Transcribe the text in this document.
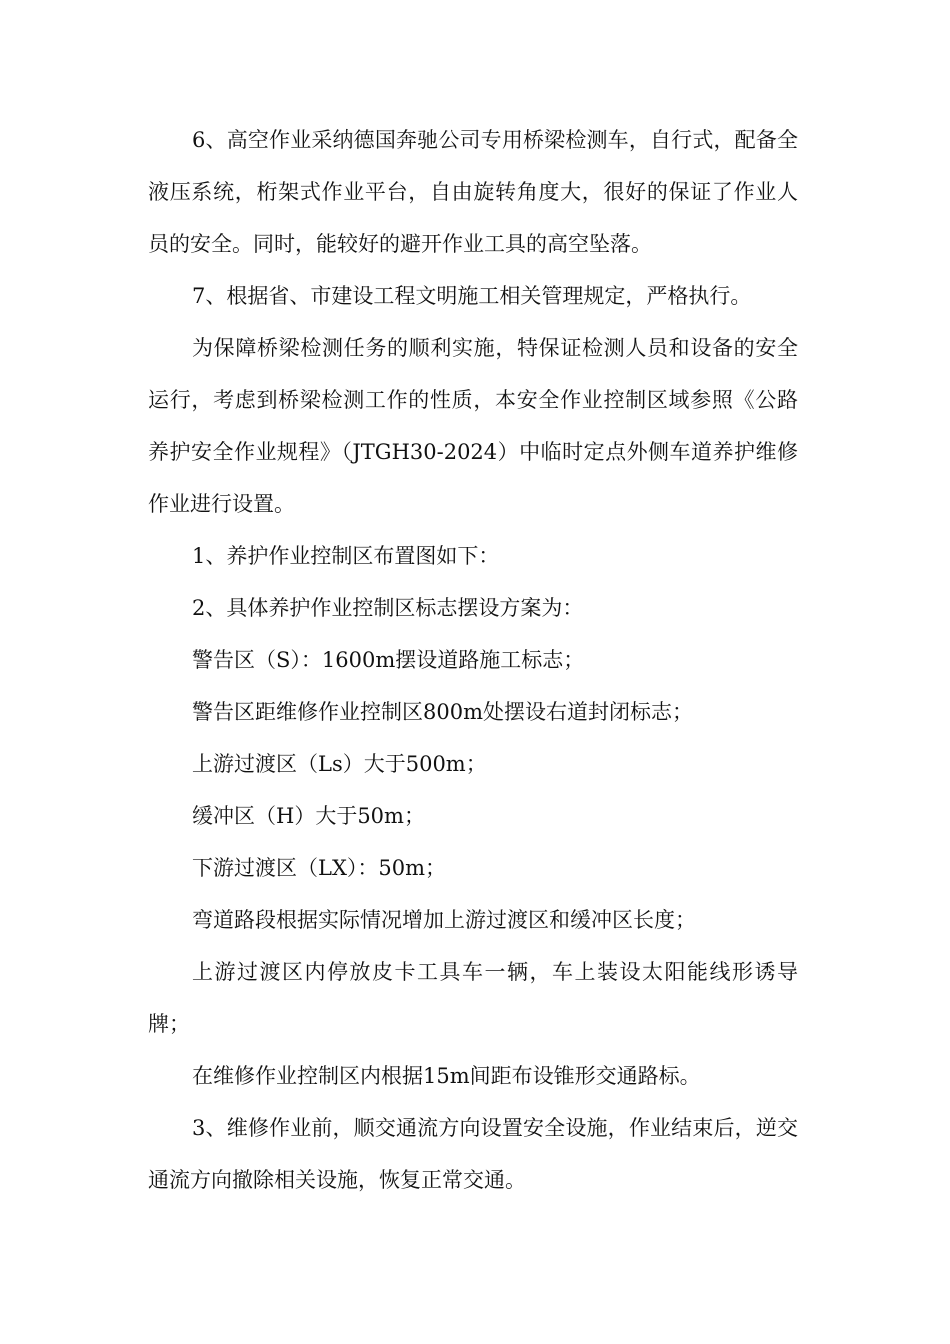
6、高空作业采纳德国奔驰公司专用桥梁检测车，自行式，配备全液压系统，桁架式作业平台，自由旋转角度大，很好的保证了作业人员的安全。同时，能较好的避开作业工具的高空坠落。

7、根据省、市建设工程文明施工相关管理规定，严格执行。

为保障桥梁检测任务的顺利实施，特保证检测人员和设备的安全运行，考虑到桥梁检测工作的性质，本安全作业控制区域参照《公路养护安全作业规程》（JTGH30-2024）中临时定点外侧车道养护维修作业进行设置。

1、养护作业控制区布置图如下：

2、具体养护作业控制区标志摆设方案为：

警告区（S）：1600m摆设道路施工标志；

警告区距维修作业控制区800m处摆设右道封闭标志；

上游过渡区（Ls）大于500m；

缓冲区（H）大于50m；

下游过渡区（LX）：50m；

弯道路段根据实际情况增加上游过渡区和缓冲区长度；

上游过渡区内停放皮卡工具车一辆，车上装设太阳能线形诱导牌；

在维修作业控制区内根据15m间距布设锥形交通路标。

3、维修作业前，顺交通流方向设置安全设施，作业结束后，逆交通流方向撤除相关设施，恢复正常交通。
